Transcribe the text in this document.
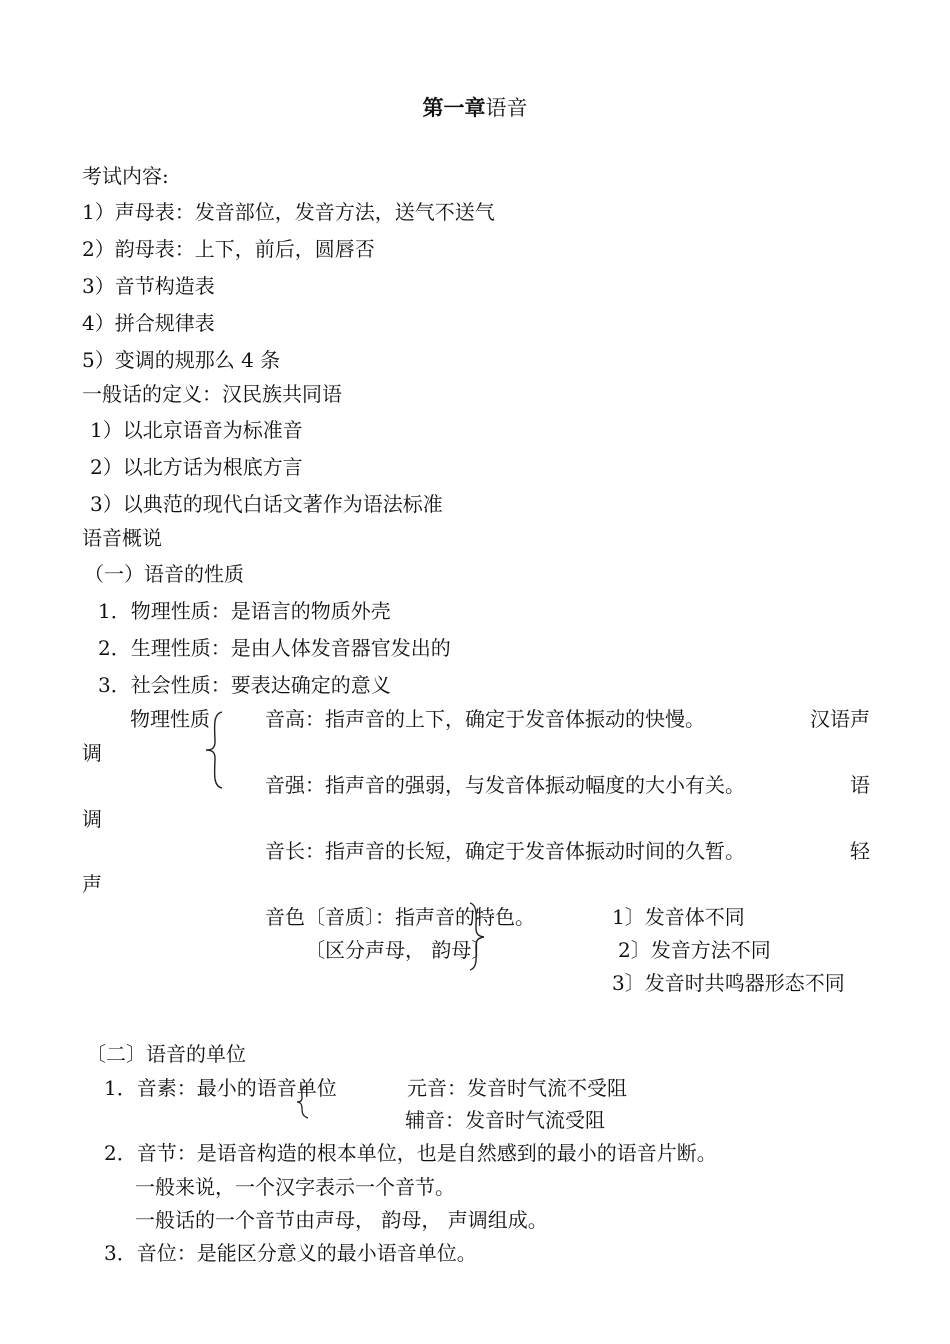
第一章语音
考试内容:
1）声母表：发音部位，发音方法，送气不送气
2）韵母表：上下，前后，圆唇否
3）音节构造表
4）拼合规律表
5）变调的规那么 4 条
一般话的定义：汉民族共同语
1）以北京语音为标准音
2）以北方话为根底方言
3）以典范的现代白话文著作为语法标准
语音概说
（一）语音的性质
1．物理性质：是语言的物质外壳
2．生理性质：是由人体发音器官发出的
3．社会性质：要表达确定的意义
物理性质	音高：指声音的上下，确定于发音体振动的快慢。	汉语声
调
音强：指声音的强弱，与发音体振动幅度的大小有关。	语
调
音长：指声音的长短，确定于发音体振动时间的久暂。	轻
声
音色〔音质〕：指声音的特色。
〔区分声母， 韵母〕
1〕发音体不同
2〕发音方法不同
3〕发音时共鸣器形态不同
〔二〕语音的单位
1．音素：最小的语音单位	元音：发音时气流不受阻
辅音：发音时气流受阻
2．音节：是语音构造的根本单位，也是自然感到的最小的语音片断。
一般来说，一个汉字表示一个音节。
一般话的一个音节由声母， 韵母， 声调组成。
3．音位：是能区分意义的最小语音单位。
